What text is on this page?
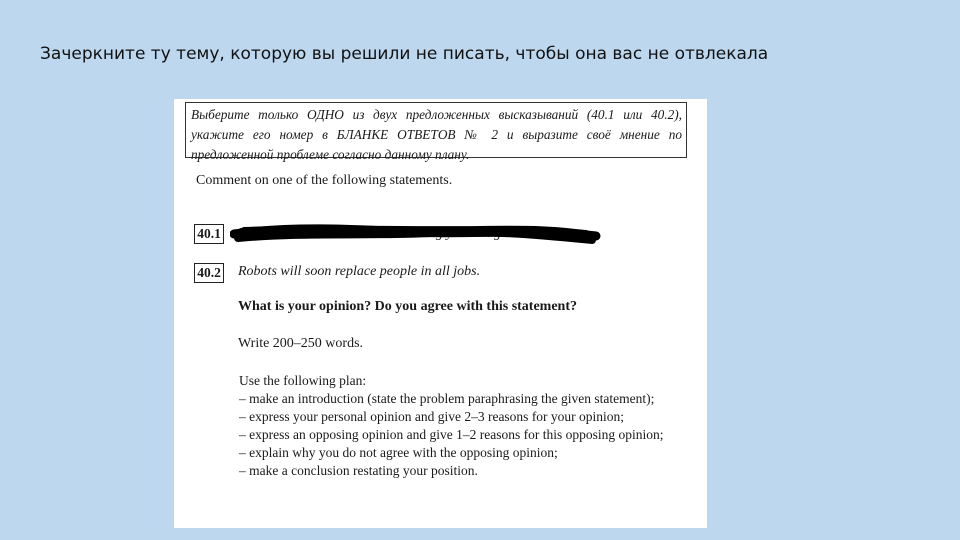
Зачеркните ту тему, которую вы решили не писать, чтобы она вас не отвлекала
Выберите только ОДНО из двух предложенных высказываний (40.1 или 40.2), укажите его номер в БЛАНКЕ ОТВЕТОВ № 2 и выразите своё мнение по предложенной проблеме согласно данному плану.
Comment on one of the following statements.
40.1 Education is the most valuable thing you can get.
40.2 Robots will soon replace people in all jobs.
What is your opinion? Do you agree with this statement?
Write 200–250 words.
Use the following plan:
– make an introduction (state the problem paraphrasing the given statement);
– express your personal opinion and give 2–3 reasons for your opinion;
– express an opposing opinion and give 1–2 reasons for this opposing opinion;
– explain why you do not agree with the opposing opinion;
– make a conclusion restating your position.
